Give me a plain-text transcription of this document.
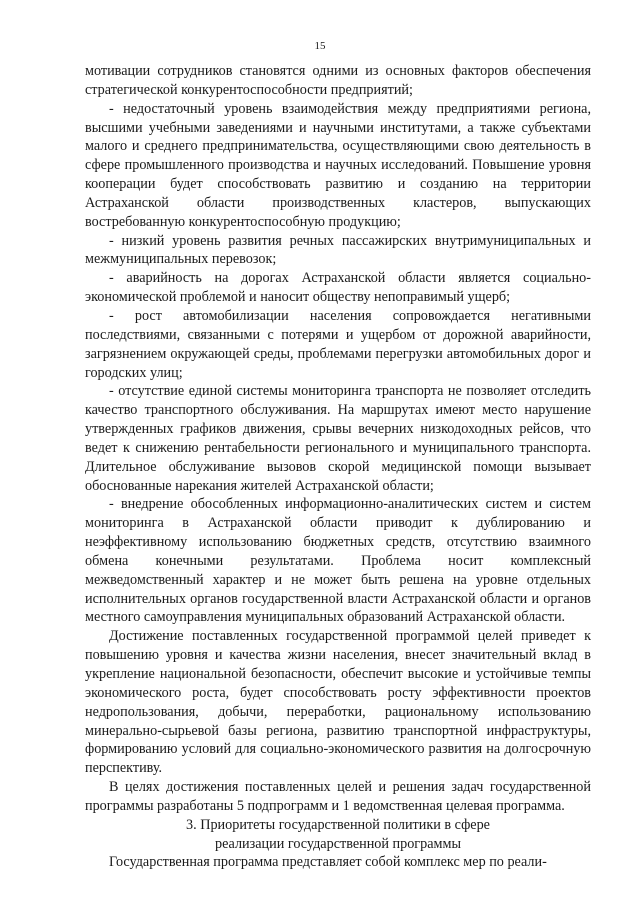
15

мотивации сотрудников становятся одними из основных факторов обеспечения стратегической конкурентоспособности предприятий;

- недостаточный уровень взаимодействия между предприятиями региона, высшими учебными заведениями и научными институтами, а также субъектами малого и среднего предпринимательства, осуществляющими свою деятельность в сфере промышленного производства и научных исследований. Повышение уровня кооперации будет способствовать развитию и созданию на территории Астраханской области производственных кластеров, выпускающих востребованную конкурентоспособную продукцию;

- низкий уровень развития речных пассажирских внутримуниципальных и межмуниципальных перевозок;

- аварийность на дорогах Астраханской области является социально-экономической проблемой и наносит обществу непоправимый ущерб;

- рост автомобилизации населения сопровождается негативными последствиями, связанными с потерями и ущербом от дорожной аварийности, загрязнением окружающей среды, проблемами перегрузки автомобильных дорог и городских улиц;

- отсутствие единой системы мониторинга транспорта не позволяет отследить качество транспортного обслуживания. На маршрутах имеют место нарушение утвержденных графиков движения, срывы вечерних низкодоходных рейсов, что ведет к снижению рентабельности регионального и муниципального транспорта. Длительное обслуживание вызовов скорой медицинской помощи вызывает обоснованные нарекания жителей Астраханской области;

- внедрение обособленных информационно-аналитических систем и систем мониторинга в Астраханской области приводит к дублированию и неэффективному использованию бюджетных средств, отсутствию взаимного обмена конечными результатами. Проблема носит комплексный межведомственный характер и не может быть решена на уровне отдельных исполнительных органов государственной власти Астраханской области и органов местного самоуправления муниципальных образований Астраханской области.

Достижение поставленных государственной программой целей приведет к повышению уровня и качества жизни населения, внесет значительный вклад в укрепление национальной безопасности, обеспечит высокие и устойчивые темпы экономического роста, будет способствовать росту эффективности проектов недропользования, добычи, переработки, рациональному использованию минерально-сырьевой базы региона, развитию транспортной инфраструктуры, формированию условий для социально-экономического развития на долгосрочную перспективу.

В целях достижения поставленных целей и решения задач государственной программы разработаны 5 подпрограмм и 1 ведомственная целевая программа.

3. Приоритеты государственной политики в сфере

реализации государственной программы

Государственная программа представляет собой комплекс мер по реали-
